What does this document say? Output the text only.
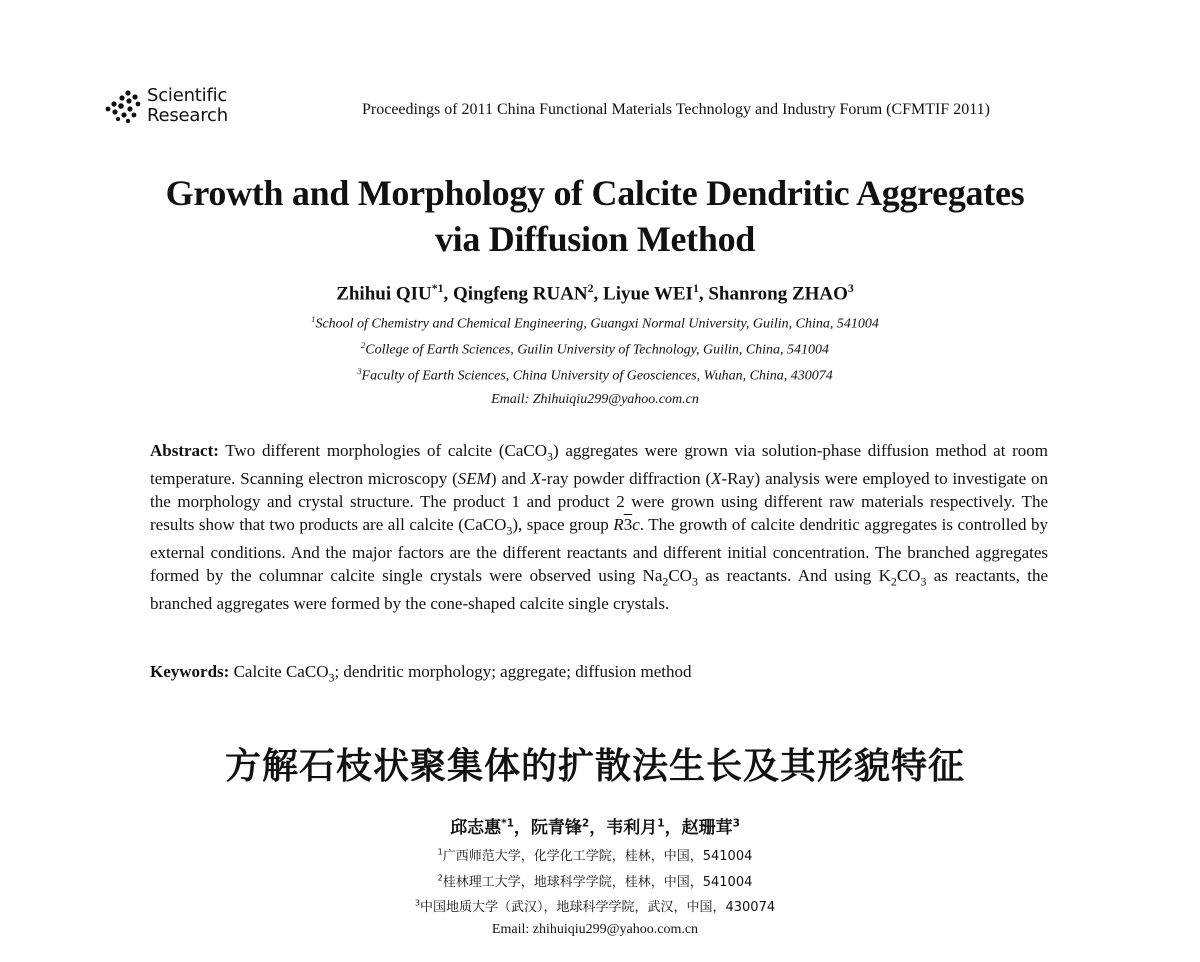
Scientific
Research	Proceedings of 2011 China Functional Materials Technology and Industry Forum (CFMTIF 2011)
Growth and Morphology of Calcite Dendritic Aggregates
via Diffusion Method
Zhihui QIU$^{*1}$, Qingfeng RUAN$^2$, Liyue WEI$^1$, Shanrong ZHAO$^3$
$^1$School of Chemistry and Chemical Engineering, Guangxi Normal University, Guilin, China, 541004
$^2$College of Earth Sciences, Guilin University of Technology, Guilin, China, 541004
$^3$Faculty of Earth Sciences, China University of Geosciences, Wuhan, China, 430074
Email: Zhihuiqiu299@yahoo.com.cn
Abstract: Two different morphologies of calcite (CaCO$_3$) aggregates were grown via solution-phase diffusion method at room temperature. Scanning electron microscopy (SEM) and X-ray powder diffraction (X-Ray) analysis were employed to investigate on the morphology and crystal structure. The product 1 and product 2 were grown using different raw materials respectively. The results show that two products are all calcite (CaCO$_3$), space group R3c. The growth of calcite dendritic aggregates is controlled by external conditions. And the major factors are the different reactants and different initial concentration. The branched aggregates formed by the columnar calcite single crystals were observed using $Na_2CO_3$ as reactants. And using $K_2CO_3$ as reactants, the branched aggregates were formed by the cone-shaped calcite single crystals.
Keywords: Calcite CaCO$_3$; dendritic morphology; aggregate; diffusion method
方解石枝状聚集体的扩散法生长及其形貌特征
邱志惠$^{*1}$，阮青锋$^2$，韦利月$^1$，赵珊茸$^3$
$^1$广西师范大学，化学化工学院，桂林，中国，541004
$^2$桂林理工大学，地球科学学院，桂林，中国，541004
$^3$中国地质大学（武汉），地球科学学院，武汉，中国，430074
Email: zhihuiqiu299@yahoo.com.cn
